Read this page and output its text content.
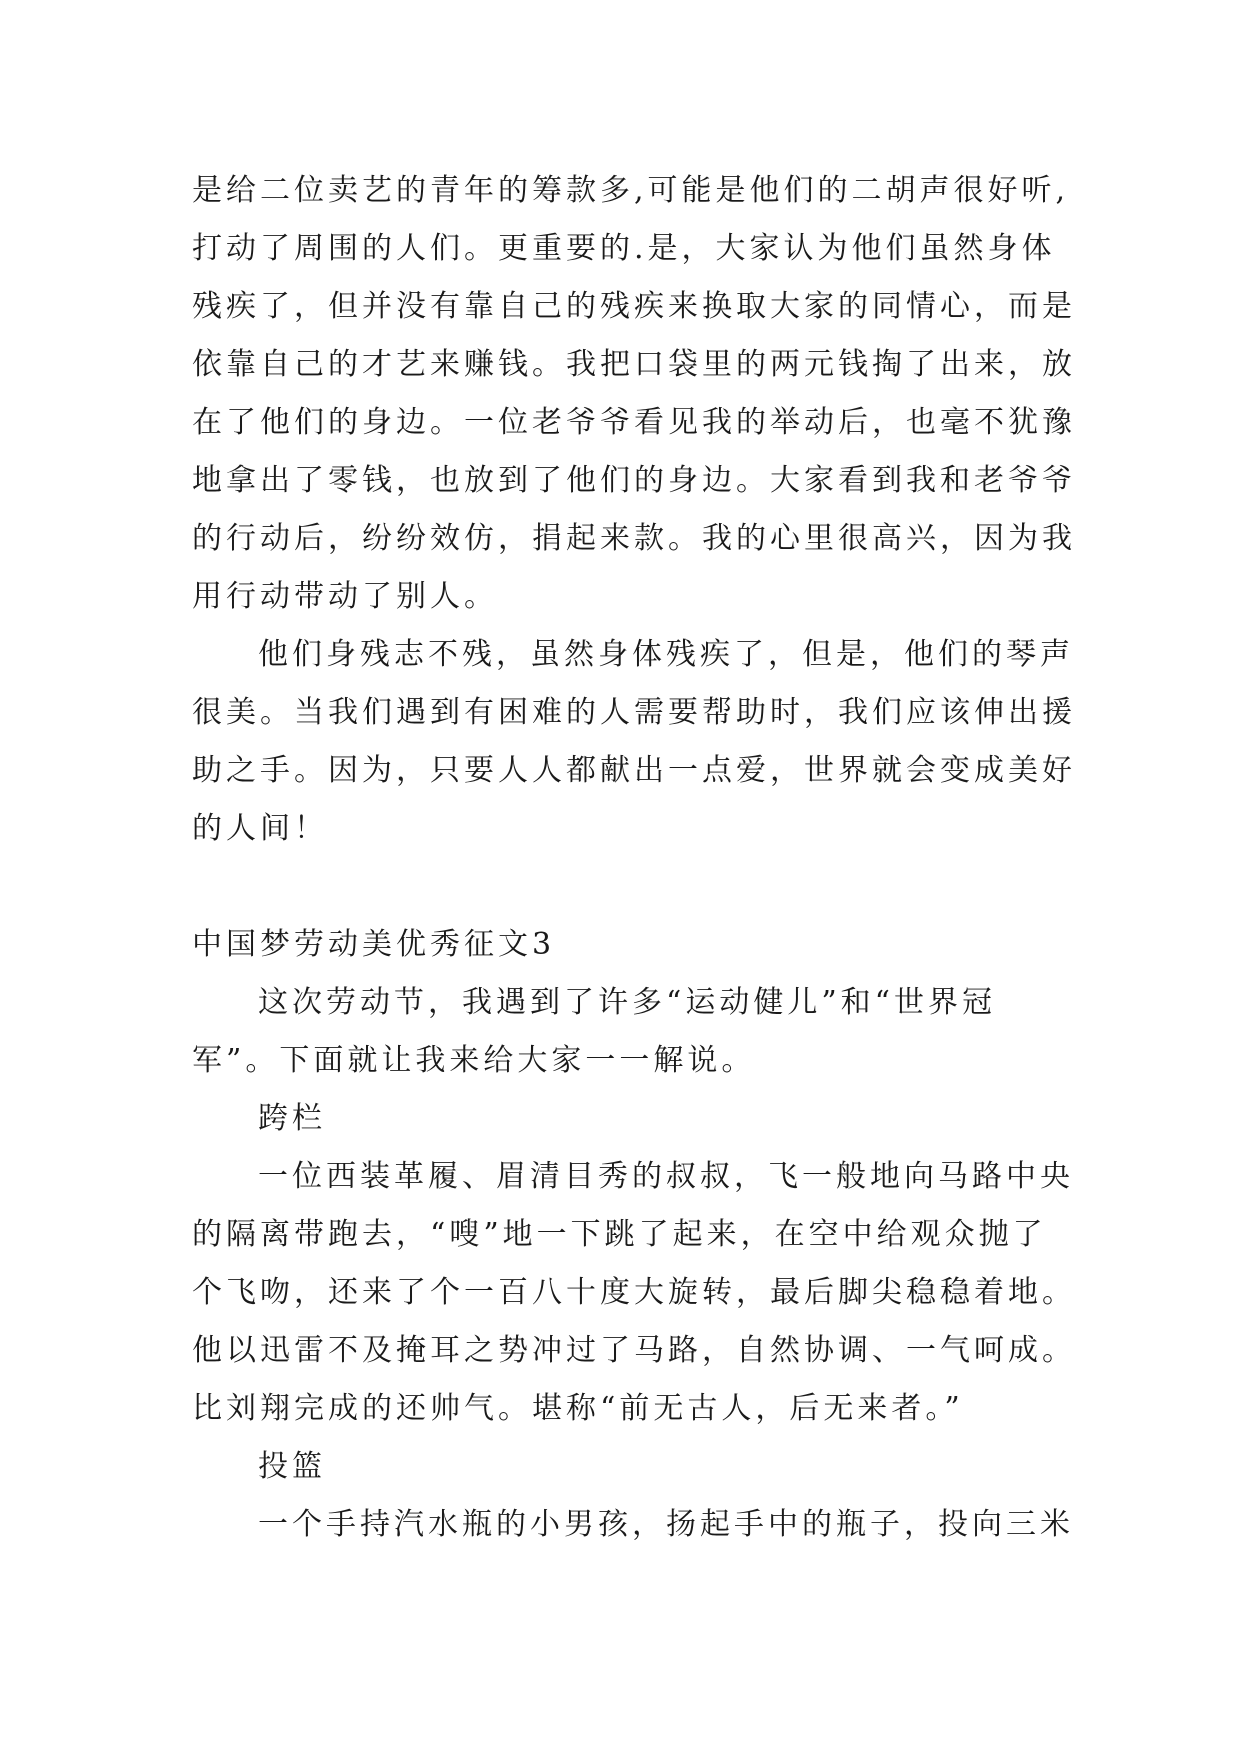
是给二位卖艺的青年的筹款多,可能是他们的二胡声很好听,
打动了周围的人们。更重要的.是，大家认为他们虽然身体
残疾了，但并没有靠自己的残疾来换取大家的同情心，而是
依靠自己的才艺来赚钱。我把口袋里的两元钱掏了出来，放
在了他们的身边。一位老爷爷看见我的举动后，也毫不犹豫
地拿出了零钱，也放到了他们的身边。大家看到我和老爷爷
的行动后，纷纷效仿，捐起来款。我的心里很高兴，因为我
用行动带动了别人。
他们身残志不残，虽然身体残疾了，但是，他们的琴声
很美。当我们遇到有困难的人需要帮助时，我们应该伸出援
助之手。因为，只要人人都献出一点爱，世界就会变成美好
的人间！
中国梦劳动美优秀征文3
这次劳动节，我遇到了许多“运动健儿”和“世界冠
军”。下面就让我来给大家一一解说。
跨栏
一位西装革履、眉清目秀的叔叔，飞一般地向马路中央
的隔离带跑去，“嗖”地一下跳了起来，在空中给观众抛了
个飞吻，还来了个一百八十度大旋转，最后脚尖稳稳着地。
他以迅雷不及掩耳之势冲过了马路，自然协调、一气呵成。
比刘翔完成的还帅气。堪称“前无古人，后无来者。”
投篮
一个手持汽水瓶的小男孩，扬起手中的瓶子，投向三米
